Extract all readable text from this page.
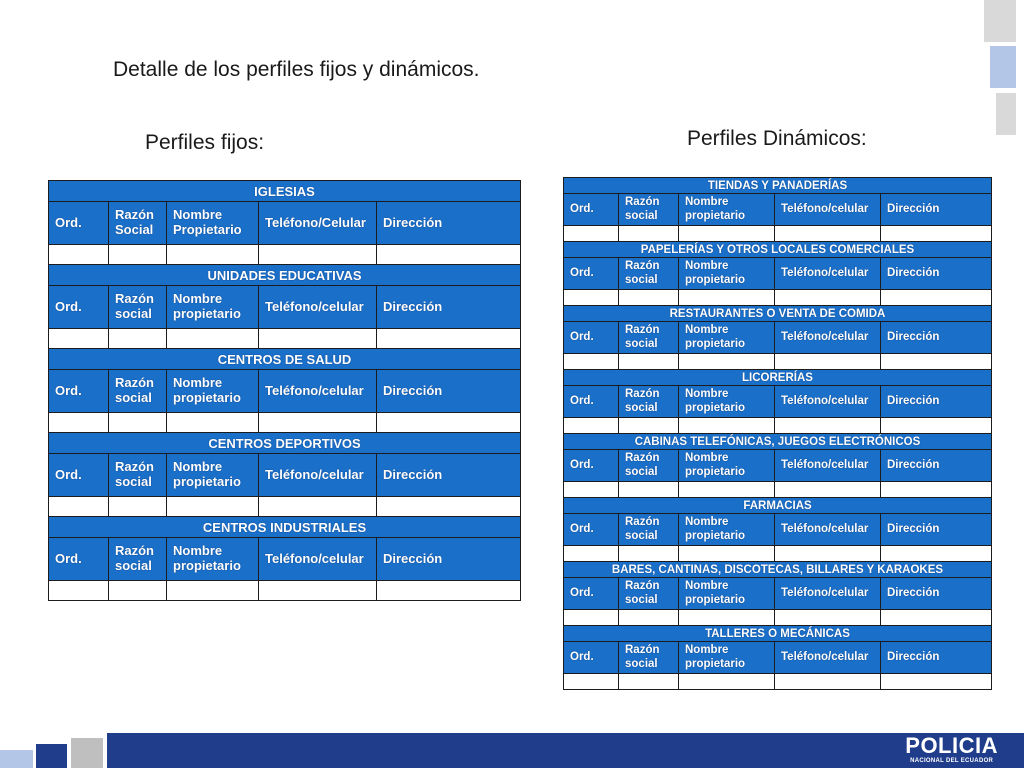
Detalle de los perfiles fijos y dinámicos.
Perfiles fijos:	Perfiles Dinámicos:
IGLESIAS				
Ord.	Razón Social	Nombre Propietario	Teléfono/Celular	Dirección

UNIDADES EDUCATIVAS				
Ord.	Razón social	Nombre propietario	Teléfono/celular	Dirección

CENTROS DE SALUD				
Ord.	Razón social	Nombre propietario	Teléfono/celular	Dirección

CENTROS DEPORTIVOS				
Ord.	Razón social	Nombre propietario	Teléfono/celular	Dirección

CENTROS INDUSTRIALES				
Ord.	Razón social	Nombre propietario	Teléfono/celular	Dirección

TIENDAS Y PANADERÍAS				
Ord.	Razón social	Nombre propietario	Teléfono/celular	Dirección

PAPELERÍAS Y OTROS LOCALES COMERCIALES				
Ord.	Razón social	Nombre propietario	Teléfono/celular	Dirección

RESTAURANTES O VENTA DE COMIDA				
Ord.	Razón social	Nombre propietario	Teléfono/celular	Dirección

LICORERÍAS				
Ord.	Razón social	Nombre propietario	Teléfono/celular	Dirección

CABINAS TELEFÓNICAS, JUEGOS ELECTRÓNICOS				
Ord.	Razón social	Nombre propietario	Teléfono/celular	Dirección

FARMACIAS				
Ord.	Razón social	Nombre propietario	Teléfono/celular	Dirección

BARES, CANTINAS, DISCOTECAS, BILLARES Y KARAOKES				
Ord.	Razón social	Nombre propietario	Teléfono/celular	Dirección

TALLERES O MECÁNICAS				
Ord.	Razón social	Nombre propietario	Teléfono/celular	Dirección

POLICIA
NACIONAL DEL ECUADOR
